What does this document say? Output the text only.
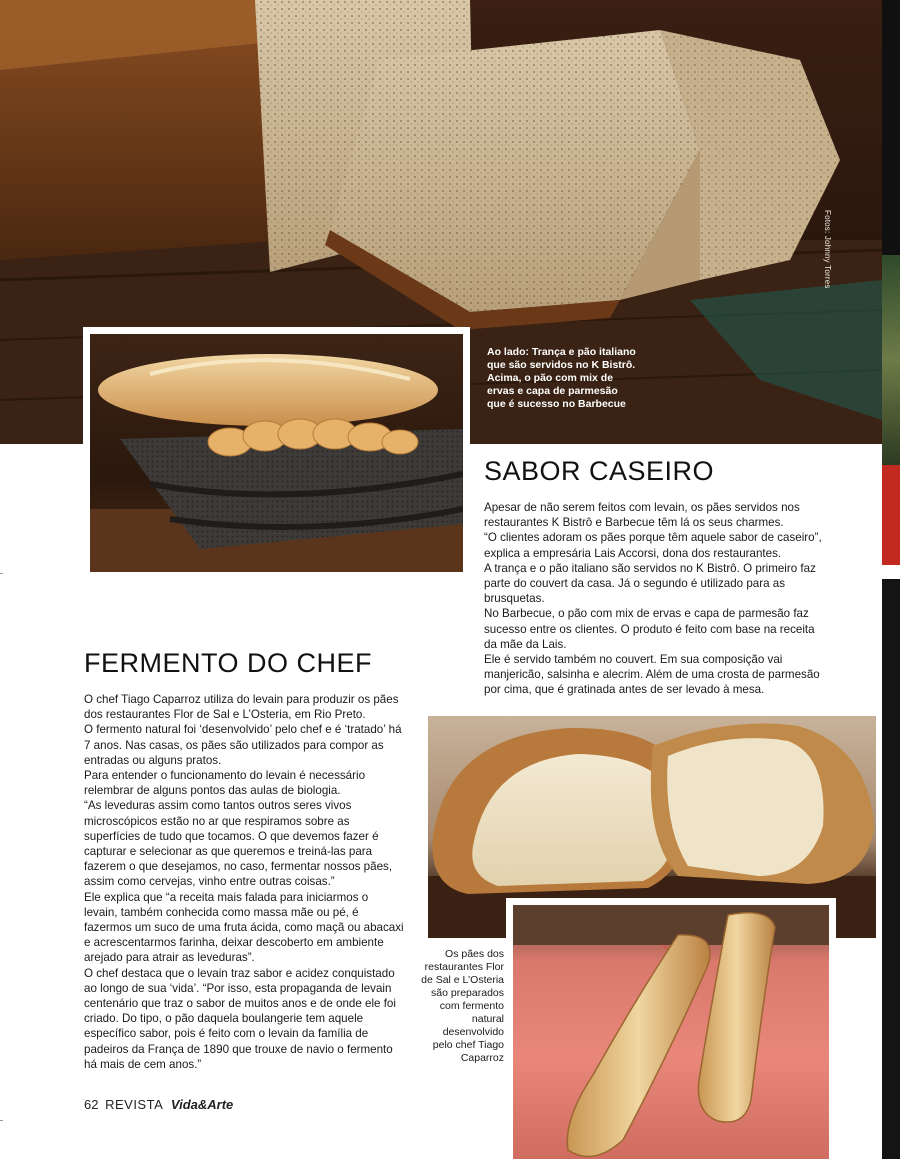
Fotos: Johnny Torres
Ao lado: Trança e pão italiano que são servidos no K Bistrô. Acima, o pão com mix de ervas e capa de parmesão que é sucesso no Barbecue
SABOR CASEIRO

Apesar de não serem feitos com levain, os pães servidos nos restaurantes K Bistrô e Barbecue têm lá os seus charmes.
“O clientes adoram os pães porque têm aquele sabor de caseiro”, explica a empresária Lais Accorsi, dona dos restaurantes.
A trança e o pão italiano são servidos no K Bistrô. O primeiro faz parte do couvert da casa. Já o segundo é utilizado para as brusquetas.
No Barbecue, o pão com mix de ervas e capa de parmesão faz sucesso entre os clientes. O produto é feito com base na receita da mãe da Lais.
Ele é servido também no couvert. Em sua composição vai manjericão, salsinha e alecrim. Além de uma crosta de parmesão por cima, que é gratinada antes de ser levado à mesa.

FERMENTO DO CHEF

O chef Tiago Caparroz utiliza do levain para produzir os pães dos restaurantes Flor de Sal e L’Osteria, em Rio Preto.
O fermento natural foi ‘desenvolvido’ pelo chef e é ‘tratado’ há 7 anos. Nas casas, os pães são utilizados para compor as entradas ou alguns pratos.
Para entender o funcionamento do levain é necessário relembrar de alguns pontos das aulas de biologia.
“As leveduras assim como tantos outros seres vivos microscópicos estão no ar que respiramos sobre as superfícies de tudo que tocamos. O que devemos fazer é capturar e selecionar as que queremos e treiná-las para fazerem o que desejamos, no caso, fermentar nossos pães, assim como cervejas, vinho entre outras coisas.”
Ele explica que “a receita mais falada para iniciarmos o levain, também conhecida como massa mãe ou pé, é fazermos um suco de uma fruta ácida, como maçã ou abacaxi e acrescentarmos farinha, deixar descoberto em ambiente arejado para atrair as leveduras”.
O chef destaca que o levain traz sabor e acidez conquistado ao longo de sua ‘vida’. “Por isso, esta propaganda de levain centenário que traz o sabor de muitos anos e de onde ele foi criado. Do tipo, o pão daquela boulangerie tem aquele específico sabor, pois é feito com o levain da família de padeiros da França de 1890 que trouxe de navio o fermento há mais de cem anos.”

Os pães dos restaurantes Flor de Sal e L’Osteria são preparados com fermento natural desenvolvido pelo chef Tiago Caparroz
62 REVISTA Vida&Arte
